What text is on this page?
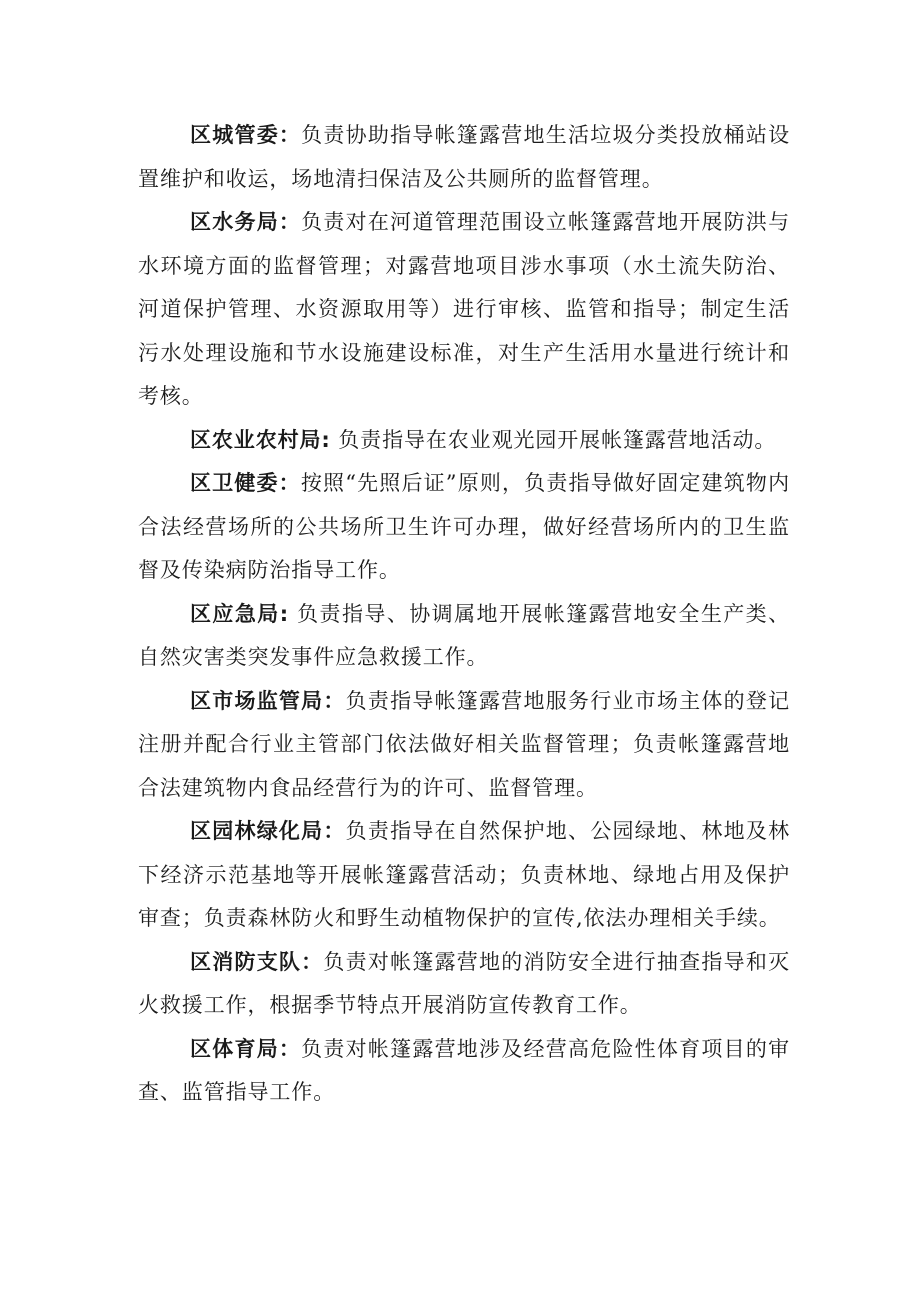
区城管委：负责协助指导帐篷露营地生活垃圾分类投放桶站设置维护和收运，场地清扫保洁及公共厕所的监督管理。

区水务局：负责对在河道管理范围设立帐篷露营地开展防洪与水环境方面的监督管理；对露营地项目涉水事项（水土流失防治、河道保护管理、水资源取用等）进行审核、监管和指导；制定生活污水处理设施和节水设施建设标准，对生产生活用水量进行统计和考核。

区农业农村局: 负责指导在农业观光园开展帐篷露营地活动。

区卫健委：按照“先照后证”原则，负责指导做好固定建筑物内合法经营场所的公共场所卫生许可办理，做好经营场所内的卫生监督及传染病防治指导工作。

区应急局: 负责指导、协调属地开展帐篷露营地安全生产类、自然灾害类突发事件应急救援工作。

区市场监管局：负责指导帐篷露营地服务行业市场主体的登记注册并配合行业主管部门依法做好相关监督管理；负责帐篷露营地合法建筑物内食品经营行为的许可、监督管理。

区园林绿化局：负责指导在自然保护地、公园绿地、林地及林下经济示范基地等开展帐篷露营活动；负责林地、绿地占用及保护审查；负责森林防火和野生动植物保护的宣传,依法办理相关手续。

区消防支队：负责对帐篷露营地的消防安全进行抽查指导和灭火救援工作，根据季节特点开展消防宣传教育工作。

区体育局：负责对帐篷露营地涉及经营高危险性体育项目的审查、监管指导工作。
